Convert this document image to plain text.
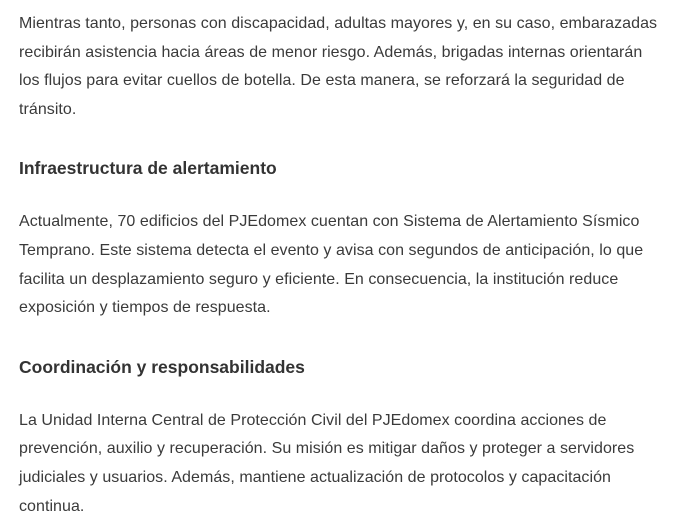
Mientras tanto, personas con discapacidad, adultas mayores y, en su caso, embarazadas recibirán asistencia hacia áreas de menor riesgo. Además, brigadas internas orientarán los flujos para evitar cuellos de botella. De esta manera, se reforzará la seguridad de tránsito.

Infraestructura de alertamiento

Actualmente, 70 edificios del PJEdomex cuentan con Sistema de Alertamiento Sísmico Temprano. Este sistema detecta el evento y avisa con segundos de anticipación, lo que facilita un desplazamiento seguro y eficiente. En consecuencia, la institución reduce exposición y tiempos de respuesta.

Coordinación y responsabilidades

La Unidad Interna Central de Protección Civil del PJEdomex coordina acciones de prevención, auxilio y recuperación. Su misión es mitigar daños y proteger a servidores judiciales y usuarios. Además, mantiene actualización de protocolos y capacitación continua.
